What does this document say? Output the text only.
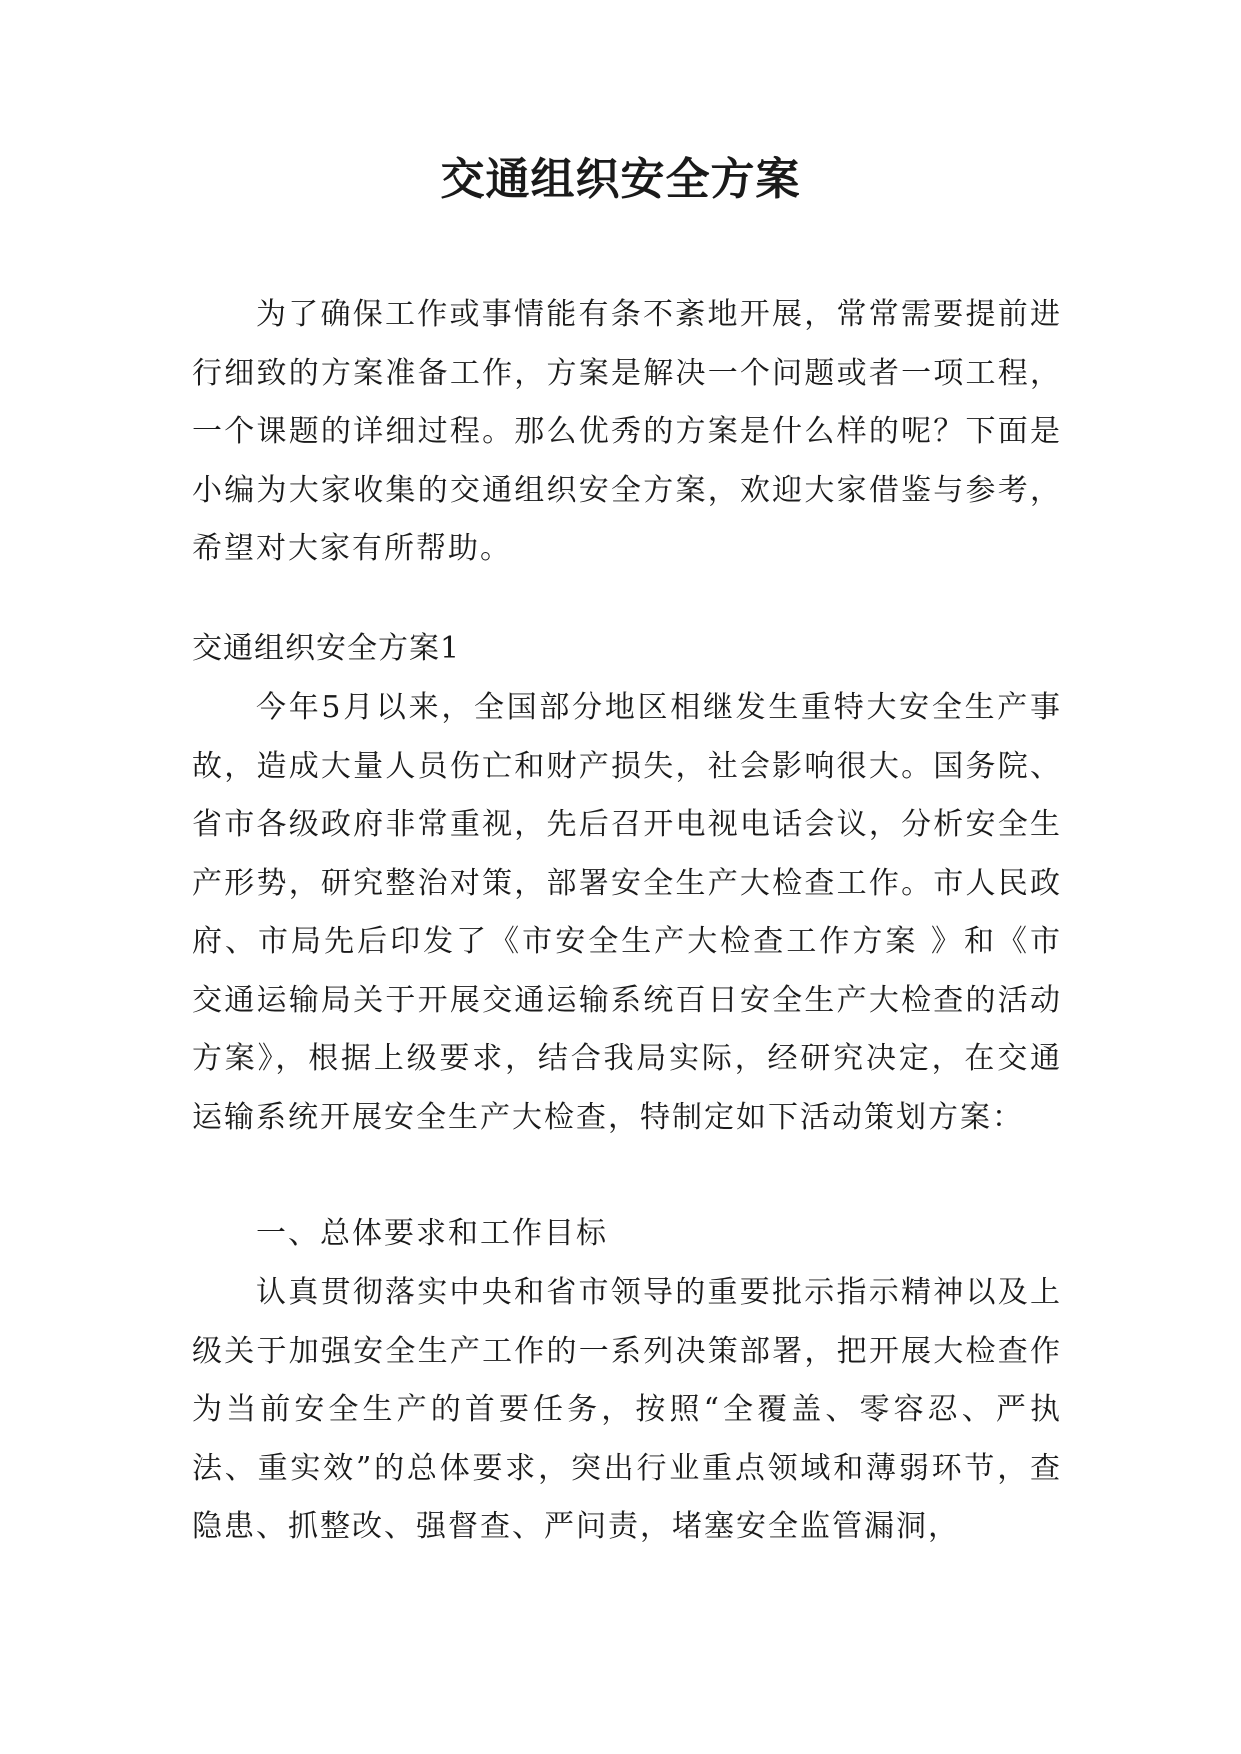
交通组织安全方案

为了确保工作或事情能有条不紊地开展，常常需要提前进行细致的方案准备工作，方案是解决一个问题或者一项工程，一个课题的详细过程。那么优秀的方案是什么样的呢？下面是小编为大家收集的交通组织安全方案，欢迎大家借鉴与参考，希望对大家有所帮助。

交通组织安全方案1

今年5月以来，全国部分地区相继发生重特大安全生产事故，造成大量人员伤亡和财产损失，社会影响很大。国务院、省市各级政府非常重视，先后召开电视电话会议，分析安全生产形势，研究整治对策，部署安全生产大检查工作。市人民政府、市局先后印发了《市安全生产大检查工作方案 》和《市交通运输局关于开展交通运输系统百日安全生产大检查的活动方案》，根据上级要求，结合我局实际，经研究决定，在交通运输系统开展安全生产大检查，特制定如下活动策划方案：

一、总体要求和工作目标

认真贯彻落实中央和省市领导的重要批示指示精神以及上级关于加强安全生产工作的一系列决策部署，把开展大检查作为当前安全生产的首要任务，按照“全覆盖、零容忍、严执法、重实效”的总体要求，突出行业重点领域和薄弱环节，查隐患、抓整改、强督查、严问责，堵塞安全监管漏洞，
